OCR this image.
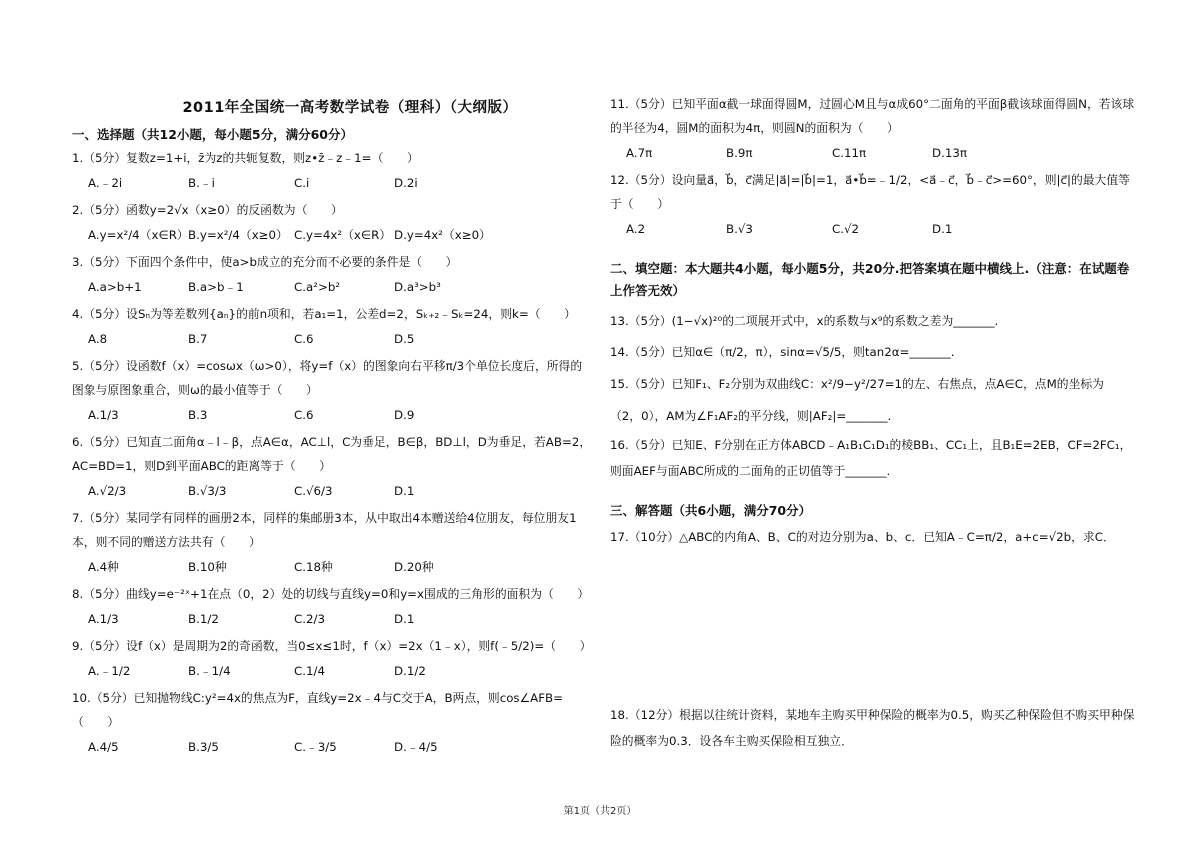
2011年全国统一高考数学试卷（理科）（大纲版）

一、选择题（共12小题，每小题5分，满分60分）

1.（5分）复数z=1+i，z̄为z的共轭复数，则z•z̄﹣z﹣1=（　　）

A.﹣2i	B.﹣i	C.i	D.2i

2.（5分）函数y=2√x（x≥0）的反函数为（　　）

A.y=x²/4（x∈R） B.y=x²/4（x≥0） C.y=4x²（x∈R） D.y=4x²（x≥0）

3.（5分）下面四个条件中，使a>b成立的充分而不必要的条件是（　　）

A.a>b+1	B.a>b﹣1	C.a²>b²	D.a³>b³

4.（5分）设Sₙ为等差数列{aₙ}的前n项和，若a₁=1，公差d=2，Sₖ₊₂﹣Sₖ=24，则k=（　　）

A.8	B.7	C.6	D.5

5.（5分）设函数f（x）=cosωx（ω>0），将y=f（x）的图象向右平移π/3个单位长度后，所得的图象与原图象重合，则ω的最小值等于（　　）

A.1/3	B.3	C.6	D.9

6.（5分）已知直二面角α﹣l﹣β，点A∈α，AC⊥l，C为垂足，B∈β，BD⊥l，D为垂足，若AB=2，AC=BD=1，则D到平面ABC的距离等于（　　）

A.√2/3	B.√3/3	C.√6/3	D.1

7.（5分）某同学有同样的画册2本，同样的集邮册3本，从中取出4本赠送给4位朋友，每位朋友1本，则不同的赠送方法共有（　　）

A.4种	B.10种	C.18种	D.20种

8.（5分）曲线y=e⁻²ˣ+1在点（0，2）处的切线与直线y=0和y=x围成的三角形的面积为（　　）

A.1/3	B.1/2	C.2/3	D.1

9.（5分）设f（x）是周期为2的奇函数，当0≤x≤1时，f（x）=2x（1﹣x），则f(﹣5/2)=（　　）

A.﹣1/2	B.﹣1/4	C.1/4	D.1/2

10.（5分）已知抛物线C:y²=4x的焦点为F，直线y=2x﹣4与C交于A，B两点，则cos∠AFB=（　　）

A.4/5	B.3/5	C.﹣3/5	D.﹣4/5

11.（5分）已知平面α截一球面得圆M，过圆心M且与α成60°二面角的平面β截该球面得圆N，若该球的半径为4，圆M的面积为4π，则圆N的面积为（　　）

A.7π	B.9π	C.11π	D.13π

12.（5分）设向量a⃗，b⃗，c⃗满足|a⃗|=|b⃗|=1，a⃗•b⃗=﹣1/2，<a⃗﹣c⃗，b⃗﹣c⃗>=60°，则|c⃗|的最大值等于（　　）

A.2	B.√3	C.√2	D.1

二、填空题：本大题共4小题，每小题5分，共20分.把答案填在题中横线上.（注意：在试题卷上作答无效）

13.（5分）(1−√x)²⁰的二项展开式中，x的系数与x⁹的系数之差为_______.

14.（5分）已知α∈（π/2，π），sinα=√5/5，则tan2α=_______.

15.（5分）已知F₁、F₂分别为双曲线C：x²/9−y²/27=1的左、右焦点，点A∈C，点M的坐标为（2，0），AM为∠F₁AF₂的平分线，则|AF₂|=_______.

16.（5分）已知E、F分别在正方体ABCD﹣A₁B₁C₁D₁的棱BB₁、CC₁上，且B₁E=2EB，CF=2FC₁，则面AEF与面ABC所成的二面角的正切值等于_______.

三、解答题（共6小题，满分70分）

17.（10分）△ABC的内角A、B、C的对边分别为a、b、c．已知A﹣C=π/2，a+c=√2b，求C．

18.（12分）根据以往统计资料，某地车主购买甲种保险的概率为0.5，购买乙种保险但不购买甲种保险的概率为0.3．设各车主购买保险相互独立．

第1页（共2页）
